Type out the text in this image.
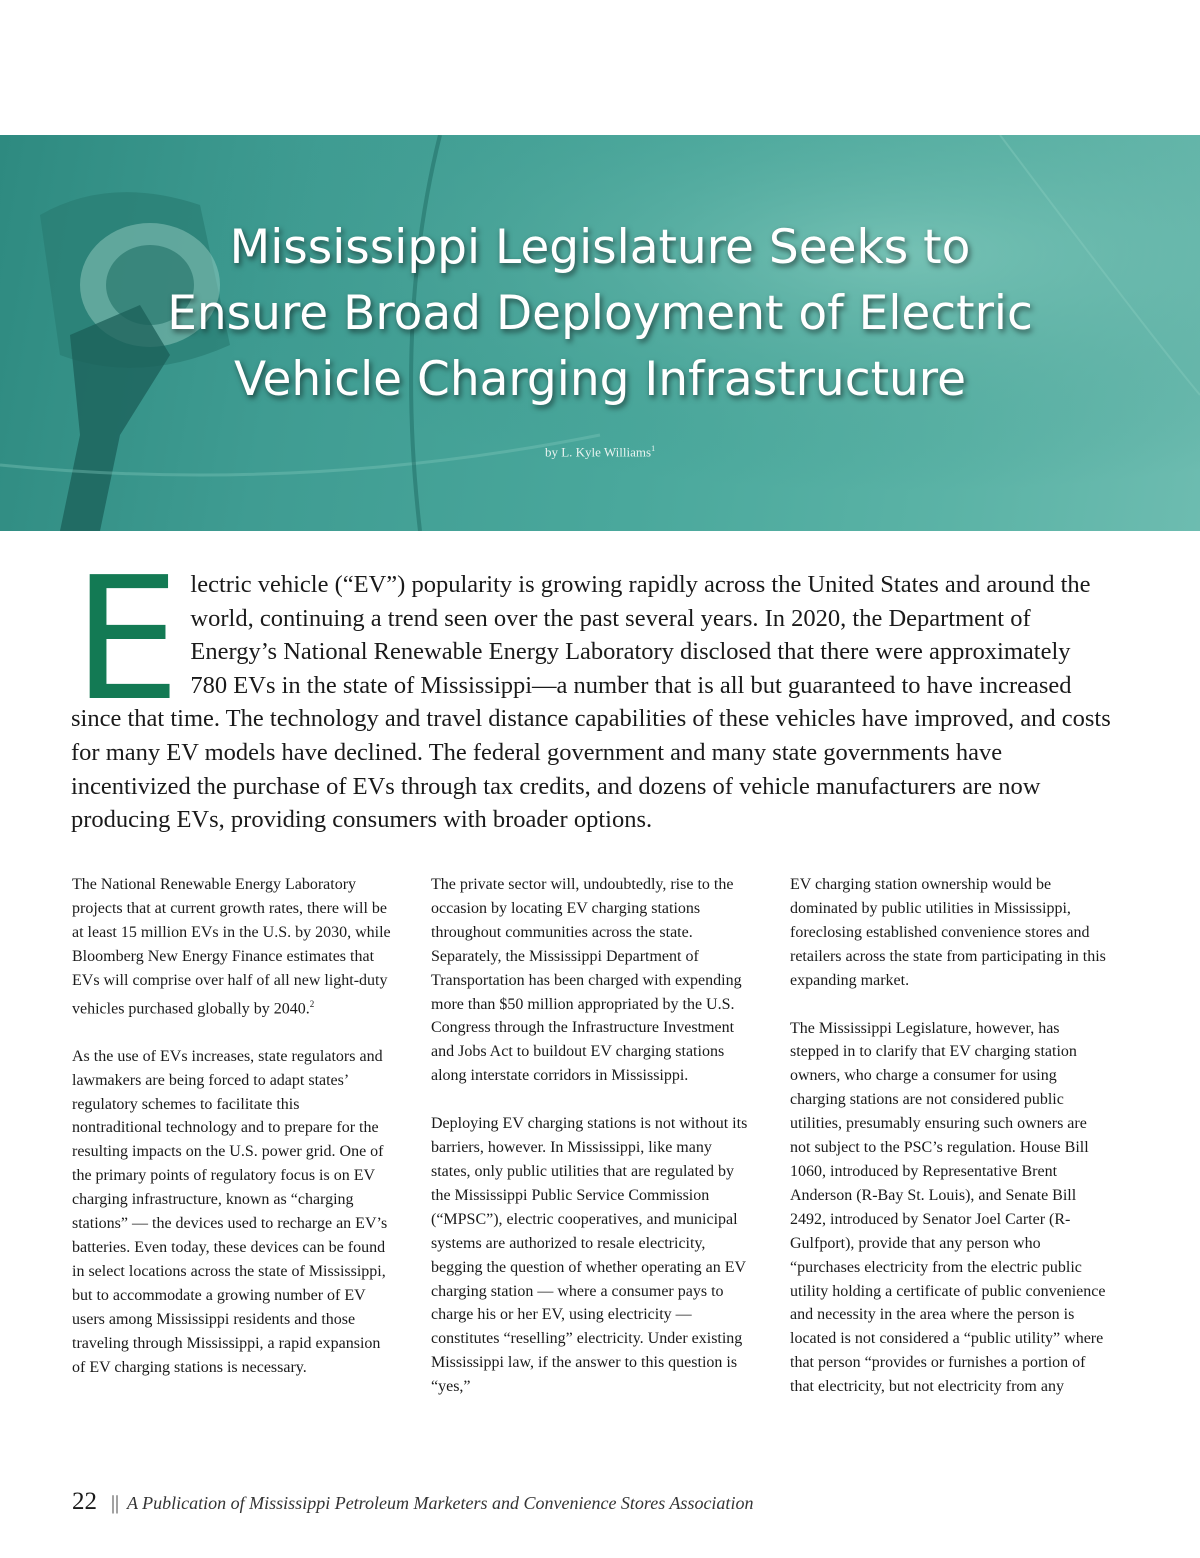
Mississippi Legislature Seeks to
Ensure Broad Deployment of Electric
Vehicle Charging Infrastructure
by L. Kyle Williams$^1$

Electric vehicle (“EV”) popularity is growing rapidly across the United States and around the world, continuing a trend seen over the past several years. In 2020, the Department of Energy’s National Renewable Energy Laboratory disclosed that there were approximately 780 EVs in the state of Mississippi—a number that is all but guaranteed to have increased since that time. The technology and travel distance capabilities of these vehicles have improved, and costs for many EV models have declined. The federal government and many state governments have incentivized the purchase of EVs through tax credits, and dozens of vehicle manufacturers are now producing EVs, providing consumers with broader options.

The National Renewable Energy Laboratory projects that at current growth rates, there will be at least 15 million EVs in the U.S. by 2030, while Bloomberg New Energy Finance estimates that EVs will comprise over half of all new light-duty vehicles purchased globally by 2040.$^2$

As the use of EVs increases, state regulators and lawmakers are being forced to adapt states’ regulatory schemes to facilitate this nontraditional technology and to prepare for the resulting impacts on the U.S. power grid. One of the primary points of regulatory focus is on EV charging infrastructure, known as “charging stations” — the devices used to recharge an EV’s batteries. Even today, these devices can be found in select locations across the state of Mississippi, but to accommodate a growing number of EV users among Mississippi residents and those traveling through Mississippi, a rapid expansion of EV charging stations is necessary.

The private sector will, undoubtedly, rise to the occasion by locating EV charging stations throughout communities across the state. Separately, the Mississippi Department of Transportation has been charged with expending more than $50 million appropriated by the U.S. Congress through the Infrastructure Investment and Jobs Act to buildout EV charging stations along interstate corridors in Mississippi.

Deploying EV charging stations is not without its barriers, however. In Mississippi, like many states, only public utilities that are regulated by the Mississippi Public Service Commission (“MPSC”), electric cooperatives, and municipal systems are authorized to resale electricity, begging the question of whether operating an EV charging station — where a consumer pays to charge his or her EV, using electricity — constitutes “reselling” electricity. Under existing Mississippi law, if the answer to this question is “yes,”

EV charging station ownership would be dominated by public utilities in Mississippi, foreclosing established convenience stores and retailers across the state from participating in this expanding market.

The Mississippi Legislature, however, has stepped in to clarify that EV charging station owners, who charge a consumer for using charging stations are not considered public utilities, presumably ensuring such owners are not subject to the PSC’s regulation. House Bill 1060, introduced by Representative Brent Anderson (R-Bay St. Louis), and Senate Bill 2492, introduced by Senator Joel Carter (R-Gulfport), provide that any person who “purchases electricity from the electric public utility holding a certificate of public convenience and necessity in the area where the person is located is not considered a “public utility” where that person “provides or furnishes a portion of that electricity, but not electricity from any

22 || A Publication of Mississippi Petroleum Marketers and Convenience Stores Association
